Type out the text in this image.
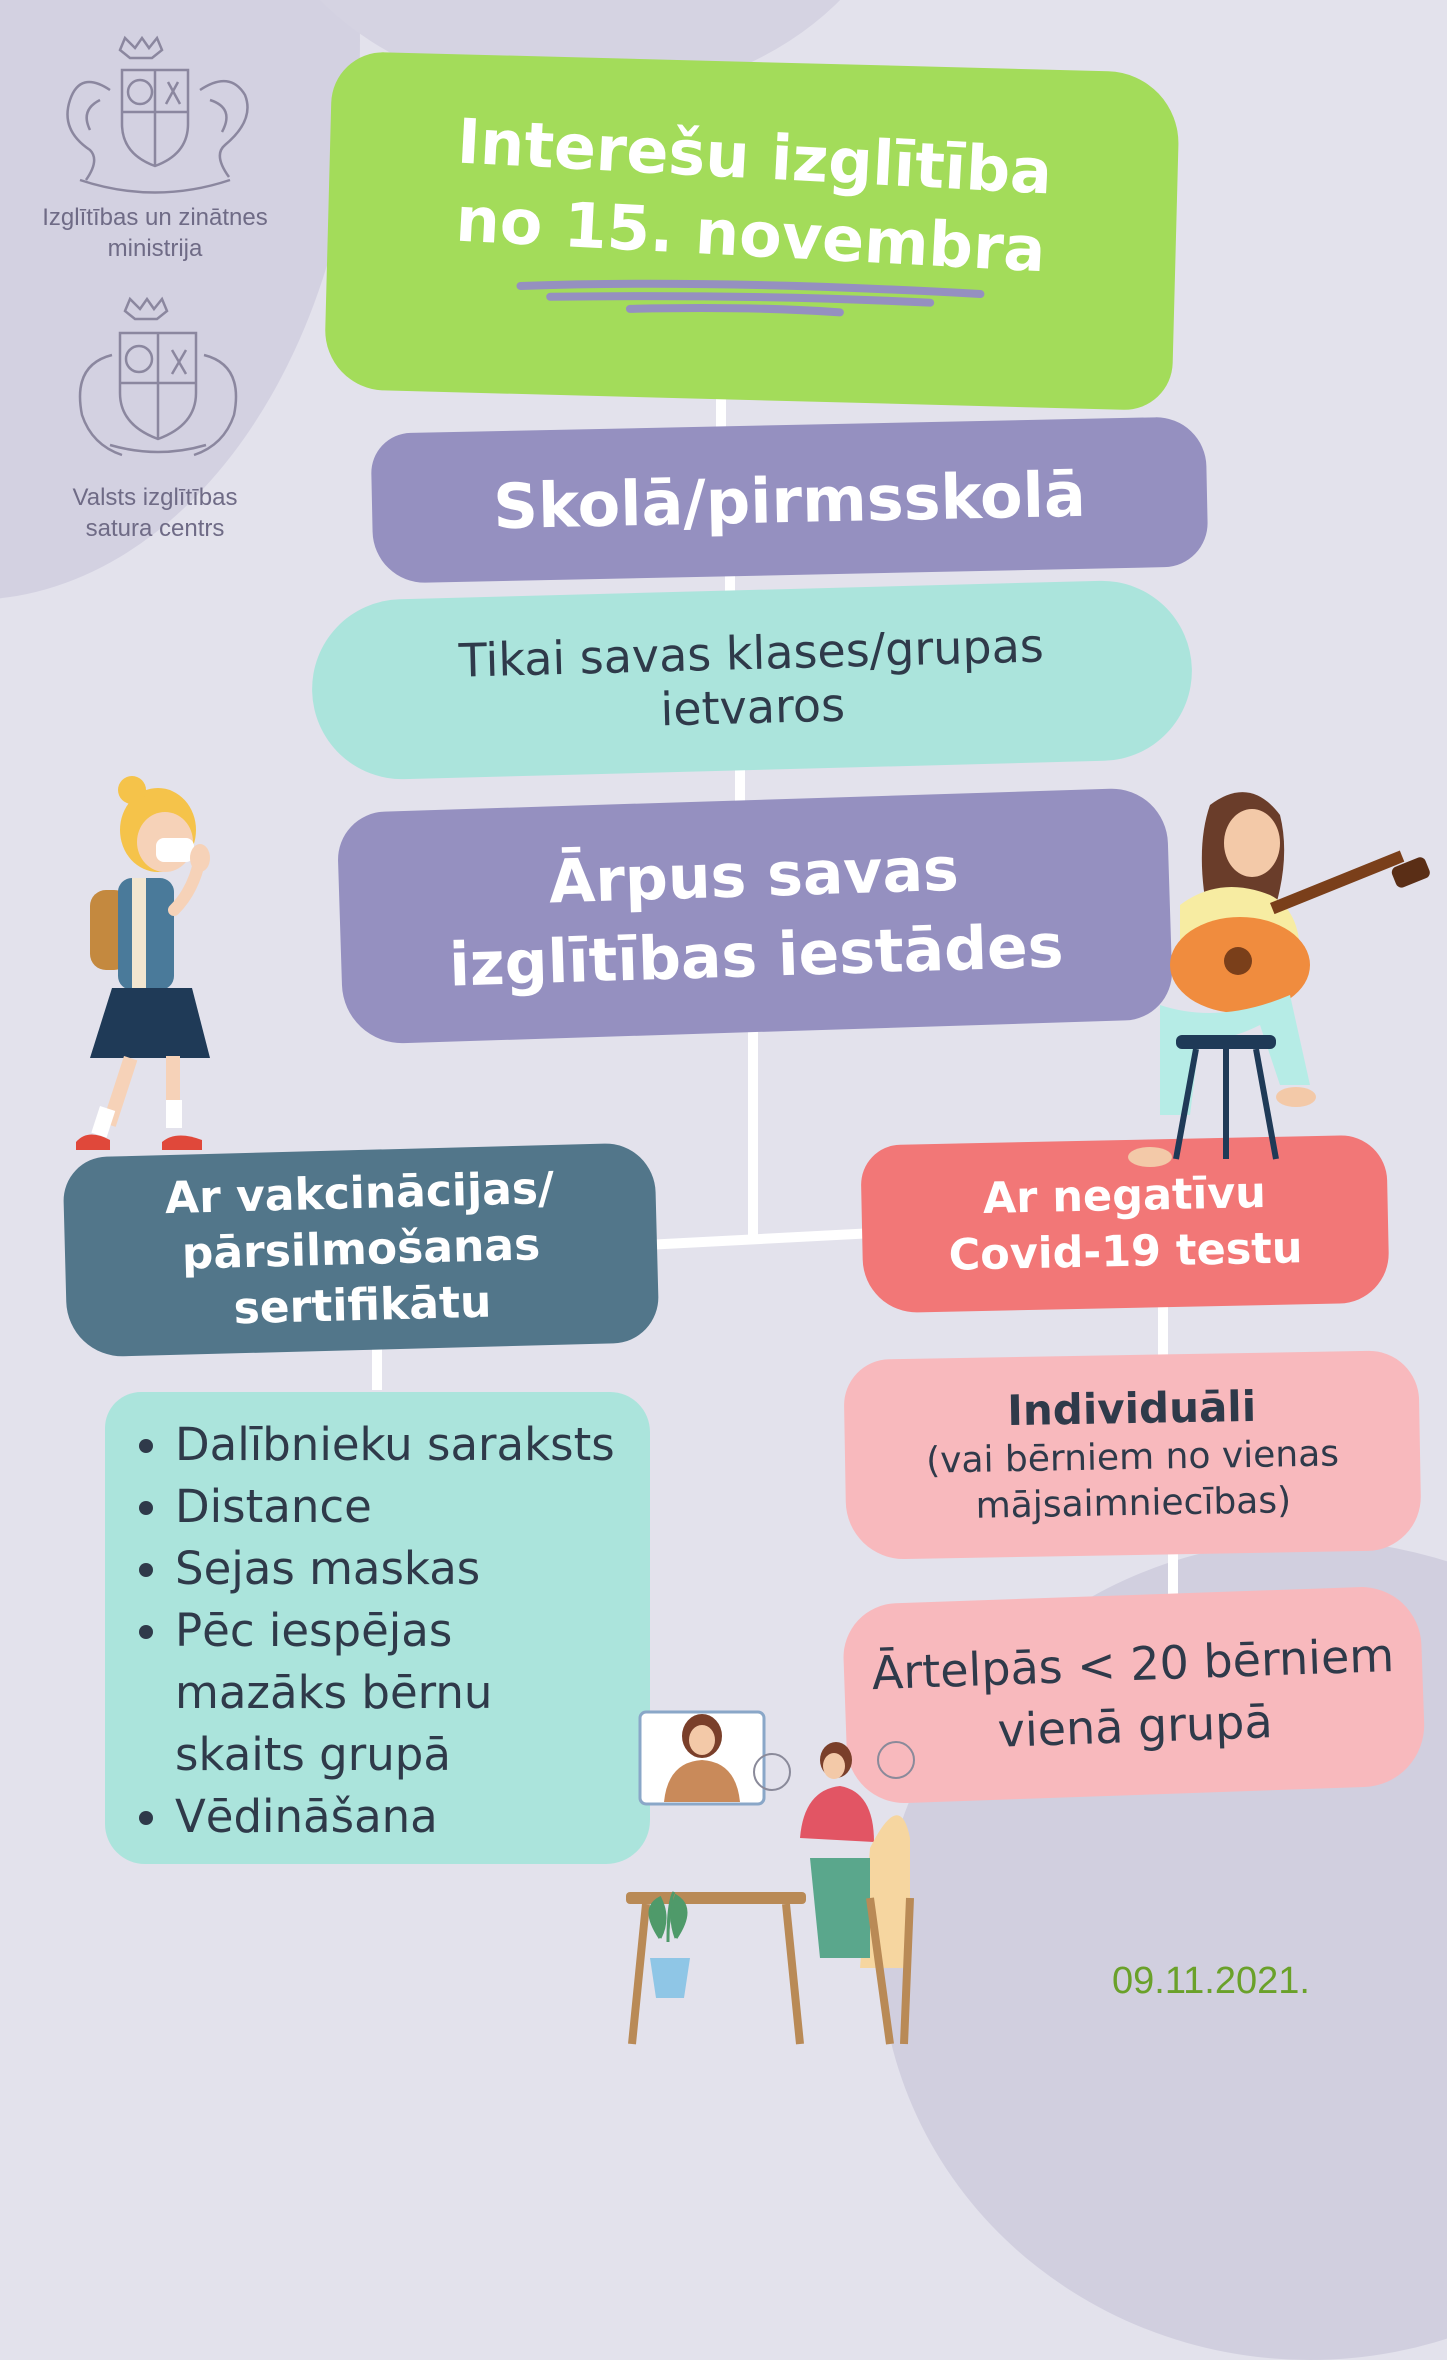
Izglītības un zinātnes
ministrija
Valsts izglītības
satura centrs
Interešu izglītība
no 15. novembra
Skolā/pirmsskolā
Tikai savas klases/grupas
ietvaros
Ārpus savas
izglītības iestādes
Ar vakcinācijas/
pārsilmošanas
sertifikātu
Ar negatīvu
Covid-19 testu
Dalībnieku saraksts
Distance
Sejas maskas
Pēc iespējas mazāks bērnu skaits grupā
Vēdināšana
Individuāli
(vai bērniem no vienas
mājsaimniecības)
Ārtelpās < 20 bērniem
vienā grupā
09.11.2021.
